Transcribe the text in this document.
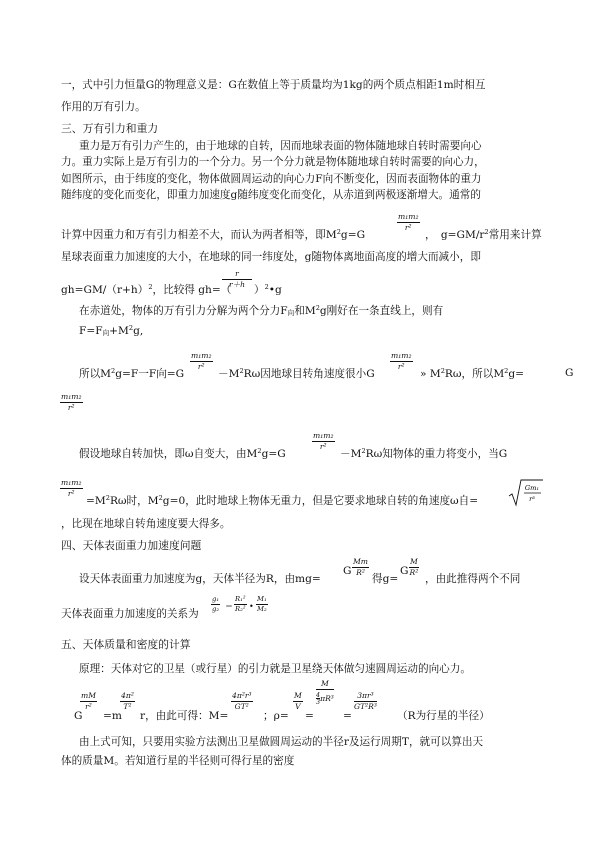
一，式中引力恒量G的物理意义是：G在数值上等于质量均为1kg的两个质点相距1m时相互
作用的万有引力。
三、万有引力和重力
重力是万有引力产生的，由于地球的自转，因而地球表面的物体随地球自转时需要向心
力。重力实际上是万有引力的一个分力。另一个分力就是物体随地球自转时需要的向心力，
如图所示，由于纬度的变化，物体做圆周运动的向心力F向不断变化，因而表面物体的重力
随纬度的变化而变化，即重力加速度g随纬度变化而变化，从赤道到两极逐渐增大。通常的
计算中因重力和万有引力相差不大，而认为两者相等，即$M^2g=G$
$\frac{\text{m₁m₂}}{\text{r²}}$
，　$g=GM/r^2$常用来计算
星球表面重力加速度的大小，在地球的同一纬度处，g随物体离地面高度的增大而减小，即
$gh=GM/(r+h)^2$，比较得 gh=（
$\frac{r}{r+h}$
）$^2$•g
在赤道处，物体的万有引力分解为两个分力F向和$M^2g$刚好在一条直线上，则有
F=F向$+M^2g$,
所以$M^2g=F$一F向=G
$\frac{\text{m₁m₂}}{\text{r²}}$
$-M^2R\omega$因地球目转角速度很小G
$\frac{\text{m₁m₂}}{\text{r²}}$
» $M^2R\omega$，所以$M^2g=$	G
$\frac{\text{m₁m₂}}{\text{r²}}$
假设地球自转加快，即ω自变大，由$M^2g=G$
$\frac{\text{m₁m₂}}{\text{r²}}$
$-M^2R\omega$知物体的重力将变小，当G
$\frac{\text{m₁m₂}}{\text{r²}}$
$=M^2R\omega$时，$M^2g=0$，此时地球上物体无重力，但是它要求地球自转的角速度ω自=
Gm₁
r³
，比现在地球自转角速度要大得多。
四、天体表面重力加速度问题
设天体表面重力加速度为g，天体半径为R，由mg=
G $\frac{Mm}{\text{R²}}$
得g=
G $\frac{M}{\text{R²}}$
，由此推得两个不同
天体表面重力加速度的关系为
$\frac{\text{g₁}}{\text{g₂}} = \frac{\text{R₁²}}{\text{R₂²}}$ • $\frac{\text{M₁}}{\text{M₂}}$
五、天体质量和密度的计算
原理：天体对它的卫星（或行星）的引力就是卫星绕天体做匀速圆周运动的向心力。
$\frac{mM}{\text{r²}}$
G =m
$\frac{\text{4π²}}{\text{T²}}$
r，由此可得：M=
$\frac{\text{4π²r³}}{\text{GT²}}$
；ρ=
$\frac{M}{V}$
=
$\frac{M}{\frac{4}{3} \pi R^3}$
=
$\frac{\text{3πr³}}{\text{GT²R³}}$
（R为行星的半径）
由上式可知，只要用实验方法测出卫星做圆周运动的半径r及运行周期T，就可以算出天
体的质量M。若知道行星的半径则可得行星的密度
